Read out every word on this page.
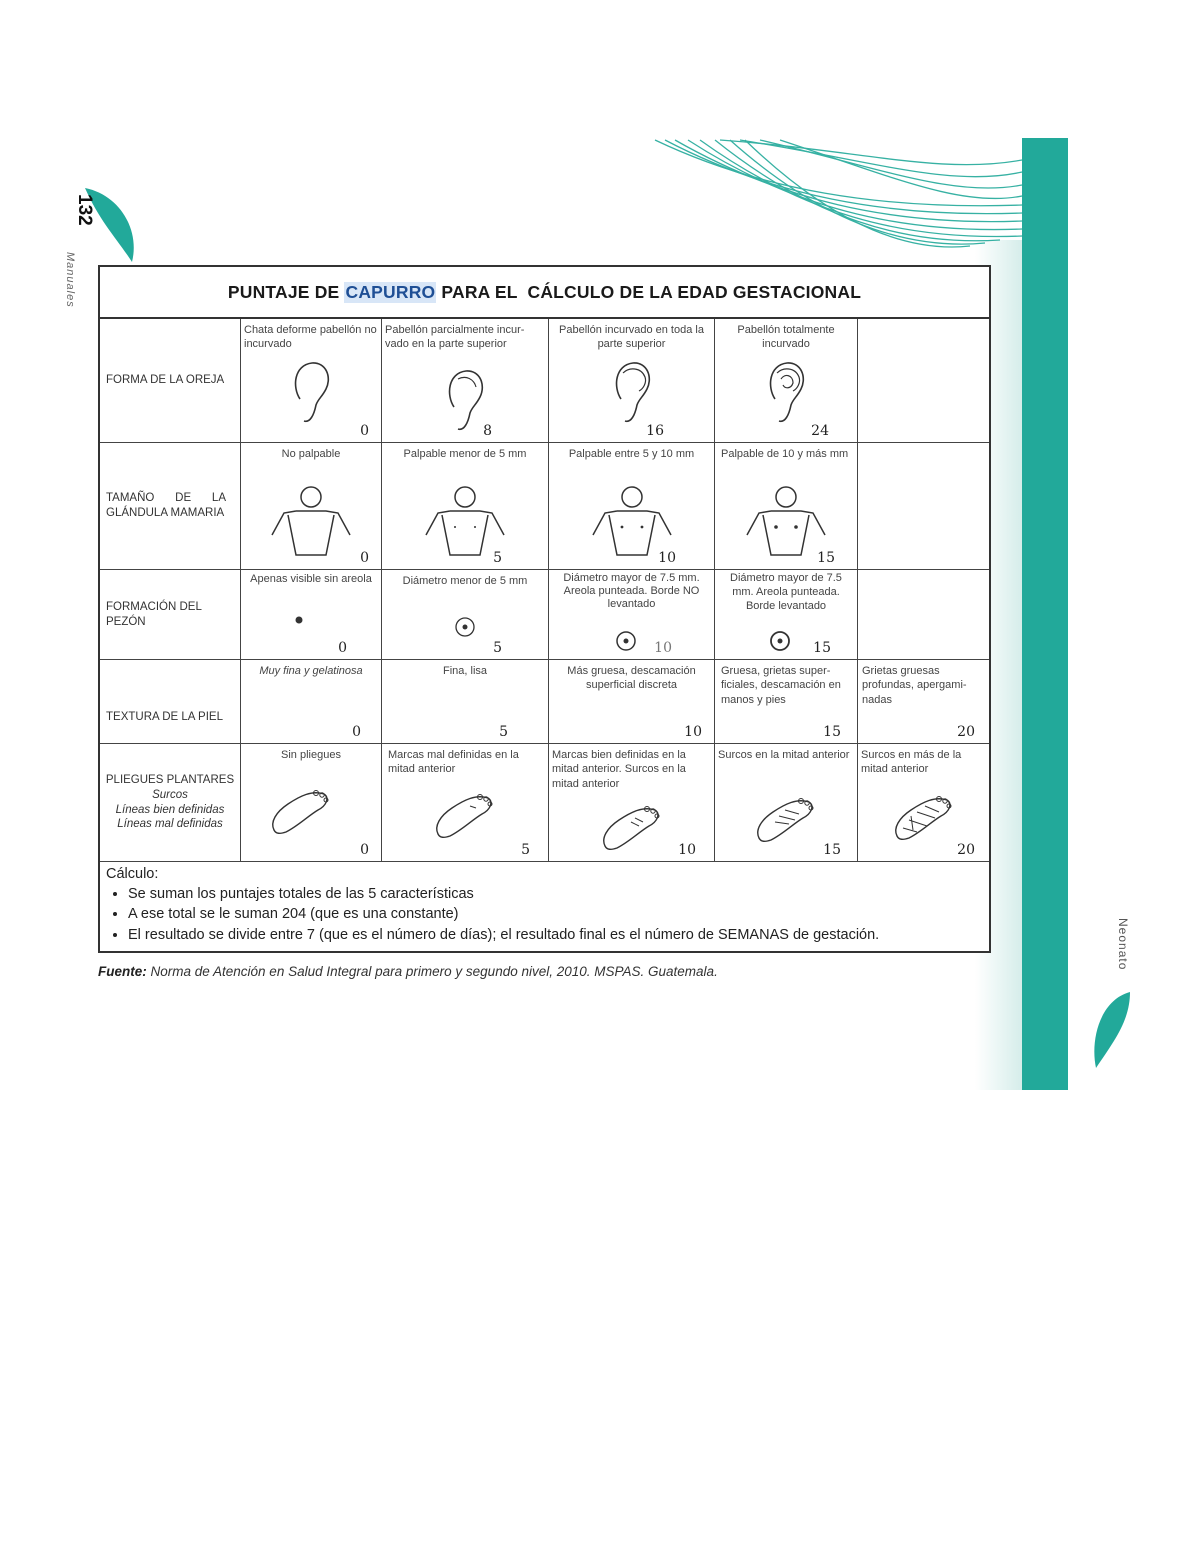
132
Manuales
Neonato
PUNTAJE DE CAPURRO PARA EL  CÁLCULO DE LA EDAD GESTACIONAL
FORMA DE LA OREJA
Chata deforme pabellón no incurvado
0
Pabellón parcialmente incur-vado en la parte superior
8
Pabellón incurvado en toda la parte superior
16
Pabellón totalmente incurvado
24
TAMAÑO DE LA GLÁNDULA MAMARIA
No palpable
0
Palpable menor de 5 mm
5
Palpable entre 5 y 10 mm
10
Palpable de 10 y más mm
15
FORMACIÓN DEL PEZÓN
Apenas visible sin areola
0
Diámetro menor de 5 mm
5
Diámetro mayor de 7.5 mm. Areola punteada. Borde NO levantado
10
Diámetro mayor de 7.5 mm. Areola punteada. Borde levantado
15
TEXTURA DE LA PIEL
Muy fina y gelatinosa
0
Fina, lisa
5
Más gruesa, descamación superficial discreta
10
Gruesa, grietas super-ficiales, descamación en manos y pies
15
Grietas gruesas profundas, apergami-nadas
20
PLIEGUES PLANTARES
Surcos
Líneas bien definidas
Líneas mal definidas
Sin pliegues
0
Marcas mal definidas en la mitad anterior
5
Marcas bien definidas en la mitad anterior. Surcos en la mitad anterior
10
Surcos en la mitad anterior
15
Surcos en más de la mitad anterior
20
Cálculo:
• Se suman los puntajes totales de las 5 características
• A ese total se le suman 204 (que es una constante)
• El resultado se divide entre 7 (que es el número de días); el resultado final es el número de SEMANAS de gestación.
Fuente: Norma de Atención en Salud Integral para primero y segundo nivel, 2010. MSPAS. Guatemala.
